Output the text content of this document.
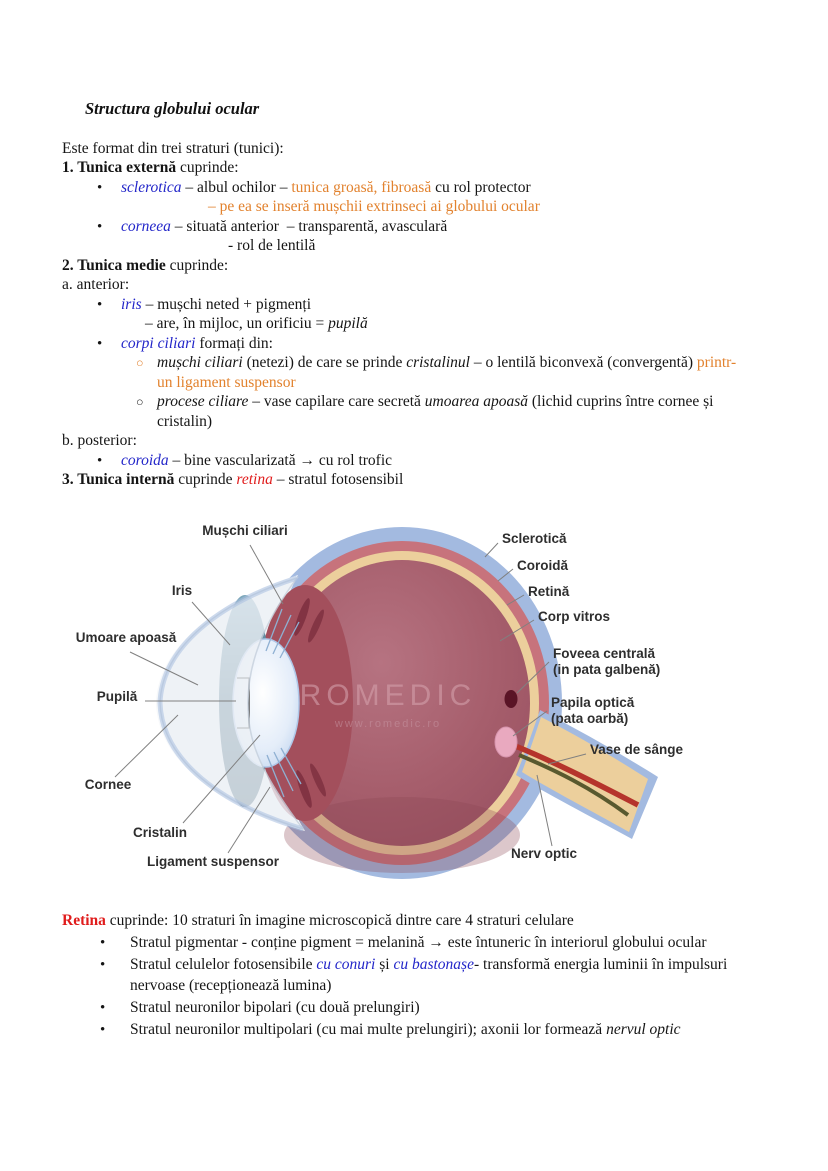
Structura globului ocular
Este format din trei straturi (tunici):
1. Tunica externă cuprinde:
• sclerotica – albul ochilor – tunica groasă, fibroasă cu rol protector
– pe ea se inseră mușchii extrinseci ai globului ocular
• corneea – situată anterior  – transparentă, avasculară
- rol de lentilă
2. Tunica medie cuprinde:
a. anterior:
• iris – mușchi neted + pigmenți
– are, în mijloc, un orificiu = pupilă
• corpi ciliari formați din:
○ mușchi ciliari (netezi) de care se prinde cristalinul – o lentilă biconvexă (convergentă) printr-
un ligament suspensor
○ procese ciliare – vase capilare care secretă umoarea apoasă (lichid cuprins între cornee și
cristalin)
b. posterior:
• coroida – bine vascularizată → cu rol trofic
3. Tunica internă cuprinde retina – stratul fotosensibil
Retina cuprinde: 10 straturi în imagine microscopică dintre care 4 straturi celulare
• Stratul pigmentar - conține pigment = melanină → este întuneric în interiorul globului ocular
• Stratul celulelor fotosensibile cu conuri și cu bastonașe- transformă energia luminii în impulsuri
nervoase (recepționează lumina)
• Stratul neuronilor bipolari (cu două prelungiri)
• Stratul neuronilor multipolari (cu mai multe prelungiri); axonii lor formează nervul optic
ROMEDIC
www.romedic.ro
Mușchi ciliari
Iris
Umoare apoasă
Pupilă
Cornee
Cristalin
Ligament suspensor
Sclerotică
Coroidă
Retină
Corp vitros
Foveea centrală
(in pata galbenă)
Papila optică
(pata oarbă)
Vase de sânge
Nerv optic
